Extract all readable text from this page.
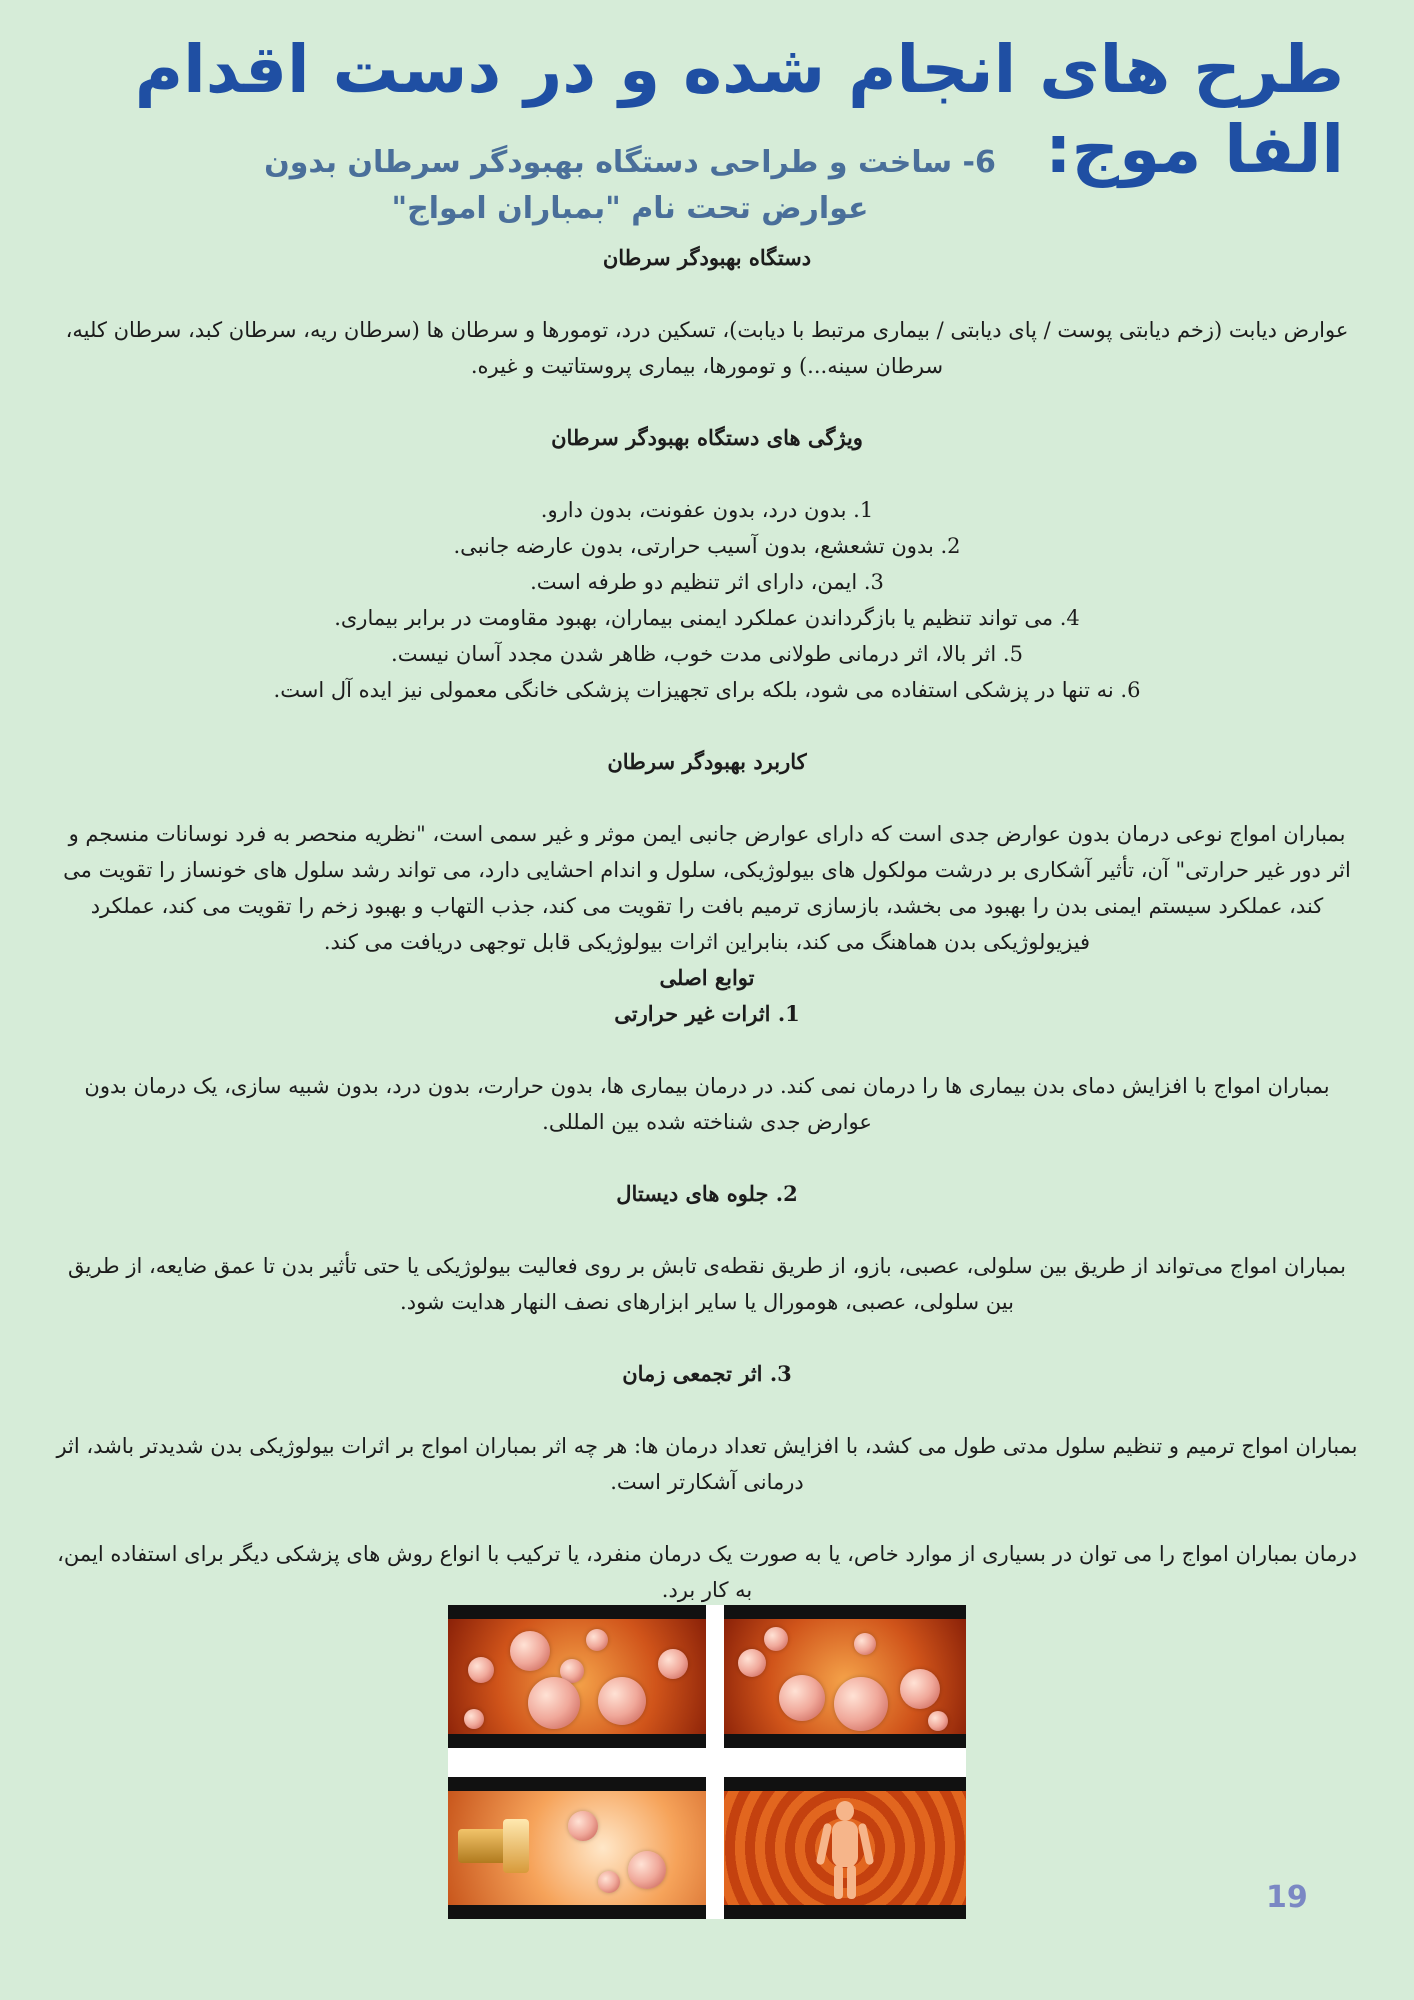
طرح های انجام شده و در دست اقدام الفا موج:
6- ساخت و طراحی دستگاه بهبودگر سرطان بدون عوارض تحت نام "بمباران امواج"

دستگاه بهبودگر سرطان

عوارض دیابت (زخم دیابتی پوست / پای دیابتی / بیماری مرتبط با دیابت)، تسکین درد، تومورها و سرطان ها (سرطان ریه، سرطان کبد، سرطان کلیه، سرطان سینه...) و تومورها، بیماری پروستاتیت و غیره.

ویژگی های دستگاه بهبودگر سرطان

1. بدون درد، بدون عفونت، بدون دارو.
2. بدون تشعشع، بدون آسیب حرارتی، بدون عارضه جانبی.
3. ایمن، دارای اثر تنظیم دو طرفه است.
4. می تواند تنظیم یا بازگرداندن عملکرد ایمنی بیماران، بهبود مقاومت در برابر بیماری.
5. اثر بالا، اثر درمانی طولانی مدت خوب، ظاهر شدن مجدد آسان نیست.
6. نه تنها در پزشکی استفاده می شود، بلکه برای تجهیزات پزشکی خانگی معمولی نیز ایده آل است.

کاربرد بهبودگر سرطان

بمباران امواج نوعی درمان بدون عوارض جدی است که دارای عوارض جانبی ایمن موثر و غیر سمی است، "نظریه منحصر به فرد نوسانات منسجم و اثر دور غیر حرارتی" آن، تأثیر آشکاری بر درشت مولکول های بیولوژیکی، سلول و اندام احشایی دارد، می تواند رشد سلول های خونساز را تقویت می کند، عملکرد سیستم ایمنی بدن را بهبود می بخشد، بازسازی ترمیم بافت را تقویت می کند، جذب التهاب و بهبود زخم را تقویت می کند، عملکرد فیزیولوژیکی بدن هماهنگ می کند، بنابراین اثرات بیولوژیکی قابل توجهی دریافت می کند.

توابع اصلی

1. اثرات غیر حرارتی

بمباران امواج با افزایش دمای بدن بیماری ها را درمان نمی کند. در درمان بیماری ها، بدون حرارت، بدون درد، بدون شبیه سازی، یک درمان بدون عوارض جدی شناخته شده بین المللی.

2. جلوه های دیستال

بمباران امواج می‌تواند از طریق بین سلولی، عصبی، بازو، از طریق نقطه‌ی تابش بر روی فعالیت بیولوژیکی یا حتی تأثیر بدن تا عمق ضایعه، از طریق بین سلولی، عصبی، هومورال یا سایر ابزارهای نصف النهار هدایت شود.

3. اثر تجمعی زمان

بمباران امواج ترمیم و تنظیم سلول مدتی طول می کشد، با افزایش تعداد درمان ها: هر چه اثر بمباران امواج بر اثرات بیولوژیکی بدن شدیدتر باشد، اثر درمانی آشکارتر است.

درمان بمباران امواج را می توان در بسیاری از موارد خاص، یا به صورت یک درمان منفرد، یا ترکیب با انواع روش های پزشکی دیگر برای استفاده ایمن، به کار برد.

19
